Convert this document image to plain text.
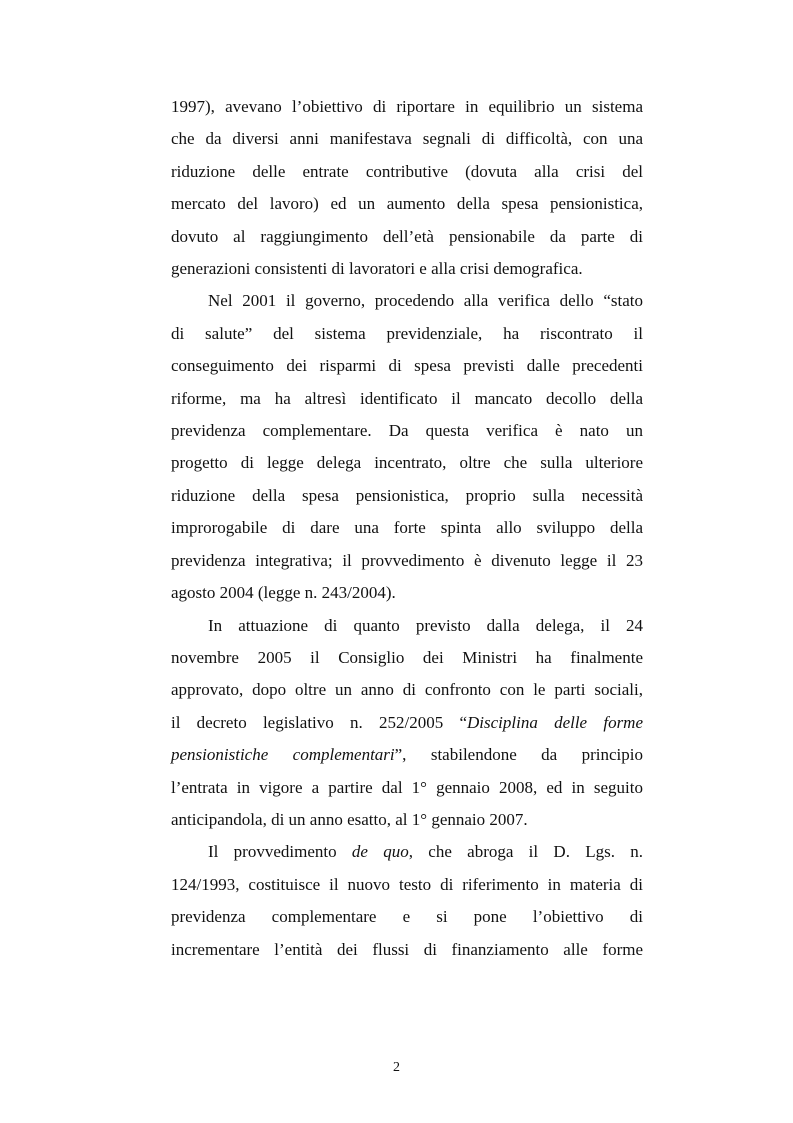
1997), avevano l’obiettivo di riportare in equilibrio un sistema
che da diversi anni manifestava segnali di difficoltà, con una
riduzione delle entrate contributive (dovuta alla crisi del
mercato del lavoro) ed un aumento della spesa pensionistica,
dovuto al raggiungimento dell’età pensionabile da parte di
generazioni consistenti di lavoratori e alla crisi demografica.
Nel 2001 il governo, procedendo alla verifica dello “stato
di salute” del sistema previdenziale, ha riscontrato il
conseguimento dei risparmi di spesa previsti dalle precedenti
riforme, ma ha altresì identificato il mancato decollo della
previdenza complementare. Da questa verifica è nato un
progetto di legge delega incentrato, oltre che sulla ulteriore
riduzione della spesa pensionistica, proprio sulla necessità
improrogabile di dare una forte spinta allo sviluppo della
previdenza integrativa; il provvedimento è divenuto legge il 23
agosto 2004 (legge n. 243/2004).
In attuazione di quanto previsto dalla delega, il 24
novembre 2005 il Consiglio dei Ministri ha finalmente
approvato, dopo oltre un anno di confronto con le parti sociali,
il decreto legislativo n. 252/2005 “Disciplina delle forme
pensionistiche complementari”, stabilendone da principio
l’entrata in vigore a partire dal 1° gennaio 2008, ed in seguito
anticipandola, di un anno esatto, al 1° gennaio 2007.
Il provvedimento de quo, che abroga il D. Lgs. n.
124/1993, costituisce il nuovo testo di riferimento in materia di
previdenza complementare e si pone l’obiettivo di
incrementare l’entità dei flussi di finanziamento alle forme
2
